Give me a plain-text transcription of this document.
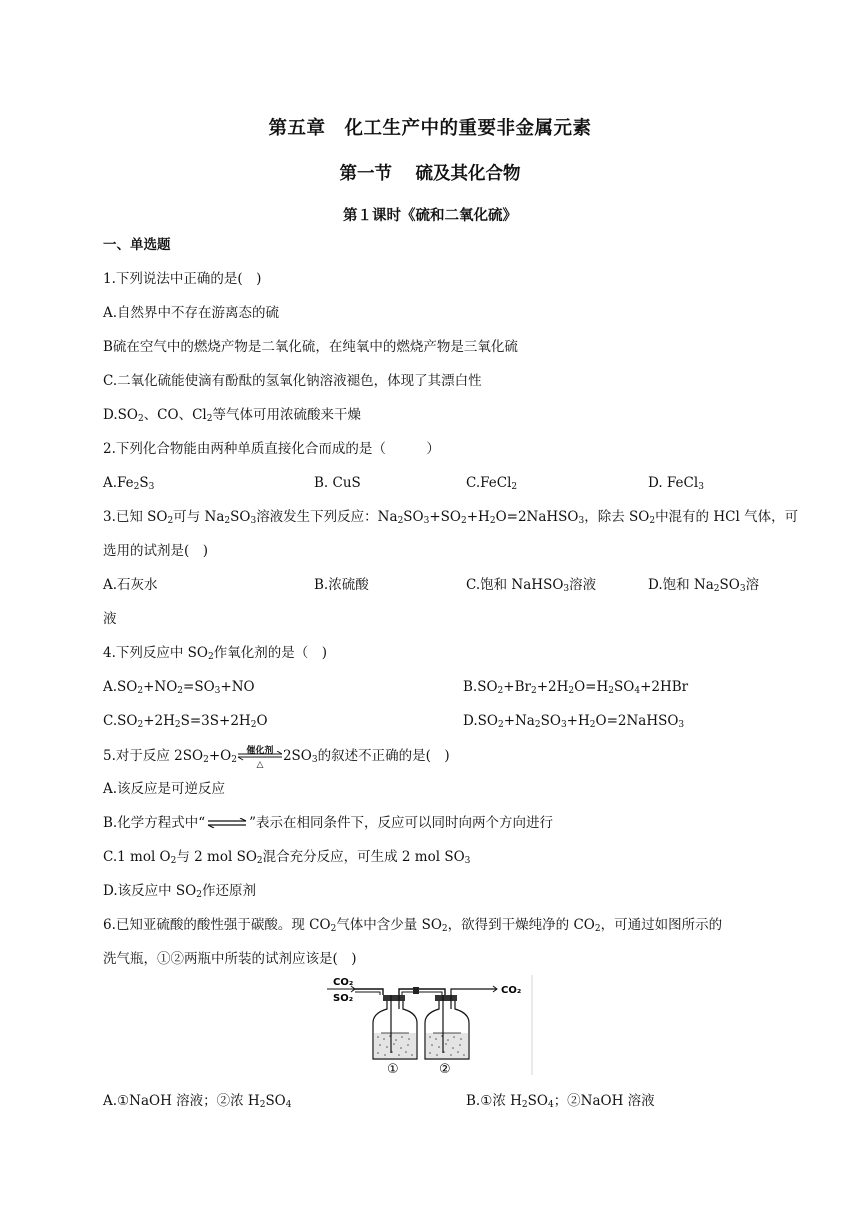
第五章　化工生产中的重要非金属元素
第一节　 硫及其化合物
第１课时《硫和二氧化硫》
一、单选题
1.下列说法中正确的是(　)
A.自然界中不存在游离态的硫
B硫在空气中的燃烧产物是二氧化硫，在纯氧中的燃烧产物是三氧化硫
C.二氧化硫能使滴有酚酞的氢氧化钠溶液褪色，体现了其漂白性
$D.SO_2$、CO、$Cl_2$等气体可用浓硫酸来干燥
2.下列化合物能由两种单质直接化合而成的是（　　　）
$A.Fe_2S_3$	B. CuS	C.FeCl$_2$	D. FeCl$_3$
3.已知 $SO_2$可与 $Na_2SO_3$溶液发生下列反应：$Na_2SO_3+SO_2+H_2O=2NaHSO_3$，除去 $SO_2$中混有的 HCl 气体，可
选用的试剂是(　)
A.石灰水	B.浓硫酸	C.饱和 NaHSO$_3$溶液	D.饱和 $Na_2SO_3$溶
液
4.下列反应中 $SO_2$作氧化剂的是（　)
$A.SO_2+NO_2=SO_3+NO$	$B.SO_2+Br_2+2H_2O=H_2SO_4+2HBr$
$C.SO_2+2H_2S=3S+2H_2O$	$D.SO_2+Na_2SO_3+H_2O=2NaHSO_3$
5.对于反应 $2SO_2+O_2$
催化剂
△
$2SO_3$的叙述不正确的是(　)
A.该反应是可逆反应
B.化学方程式中“ ⇌ ”表示在相同条件下，反应可以同时向两个方向进行
C.1 mol $O_2$与 2 mol $SO_2$混合充分反应，可生成 2 mol $SO_3$
D.该反应中 $SO_2$作还原剂
6.已知亚硫酸的酸性强于碳酸。现 $CO_2$气体中含少量 $SO_2$，欲得到干燥纯净的 $CO_2$，可通过如图所示的
洗气瓶，①②两瓶中所装的试剂应该是(　)
CO₂
SO₂
①	②
CO₂
A.①NaOH 溶液；②浓 $H_2SO_4$	B.①浓 $H_2SO_4$；②NaOH 溶液
